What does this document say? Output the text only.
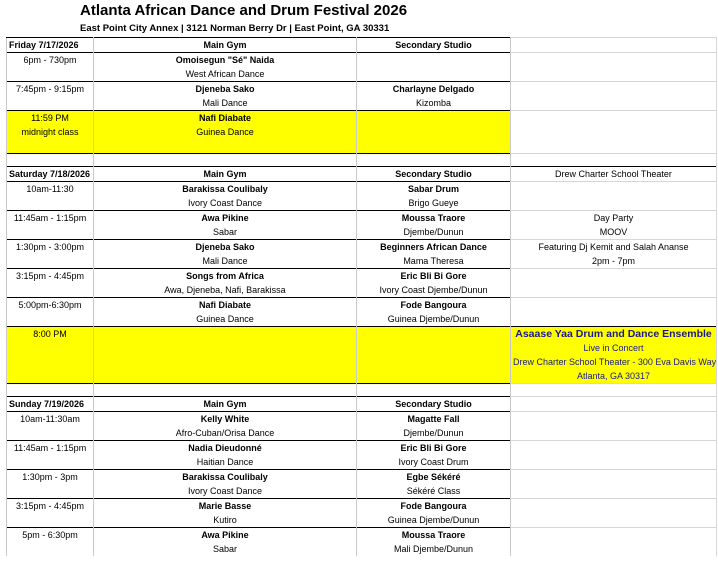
Atlanta African Dance and Drum Festival 2026
East Point City Annex | 3121 Norman Berry Dr | East Point, GA 30331
Friday 7/17/2026	Main Gym	Secondary Studio	
6pm - 730pm	Omoisegun "Sé" Naida		
	West African Dance		
7:45pm - 9:15pm	Djeneba Sako	Charlayne Delgado	
	Mali Dance	Kizomba	
11:59 PM	Nafi Diabate		
midnight class	Guinea Dance		

Saturday 7/18/2026	Main Gym	Secondary Studio	Drew Charter School Theater
10am-11:30	Barakissa Coulibaly	Sabar Drum	
	Ivory Coast Dance	Brigo Gueye	
11:45am - 1:15pm	Awa Pikine	Moussa Traore	Day Party
	Sabar	Djembe/Dunun	MOOV
1:30pm - 3:00pm	Djeneba Sako	Beginners African Dance	Featuring Dj Kemit and Salah Ananse
	Mali Dance	Mama Theresa	2pm - 7pm
3:15pm - 4:45pm	Songs from Africa	Eric Bli Bi Gore	
	Awa, Djeneba, Nafi, Barakissa	Ivory Coast Djembe/Dunun	
5:00pm-6:30pm	Nafi Diabate	Fode Bangoura	
	Guinea Dance	Guinea Djembe/Dunun	
8:00 PM			Asaase Yaa Drum and Dance Ensemble
			Live in Concert
			Drew Charter School Theater - 300 Eva Davis Way
			Atlanta, GA 30317

Sunday 7/19/2026	Main Gym	Secondary Studio	
10am-11:30am	Kelly White	Magatte Fall	
	Afro-Cuban/Orisa Dance	Djembe/Dunun	
11:45am - 1:15pm	Nadia Dieudonné	Eric Bli Bi Gore	
	Haitian Dance	Ivory Coast Drum	
1:30pm - 3pm	Barakissa Coulibaly	Egbe Sékéré	
	Ivory Coast Dance	Sékéré Class	
3:15pm - 4:45pm	Marie Basse	Fode Bangoura	
	Kutiro	Guinea Djembe/Dunun	
5pm - 6:30pm	Awa Pikine	Moussa Traore	
	Sabar	Mali Djembe/Dunun	
